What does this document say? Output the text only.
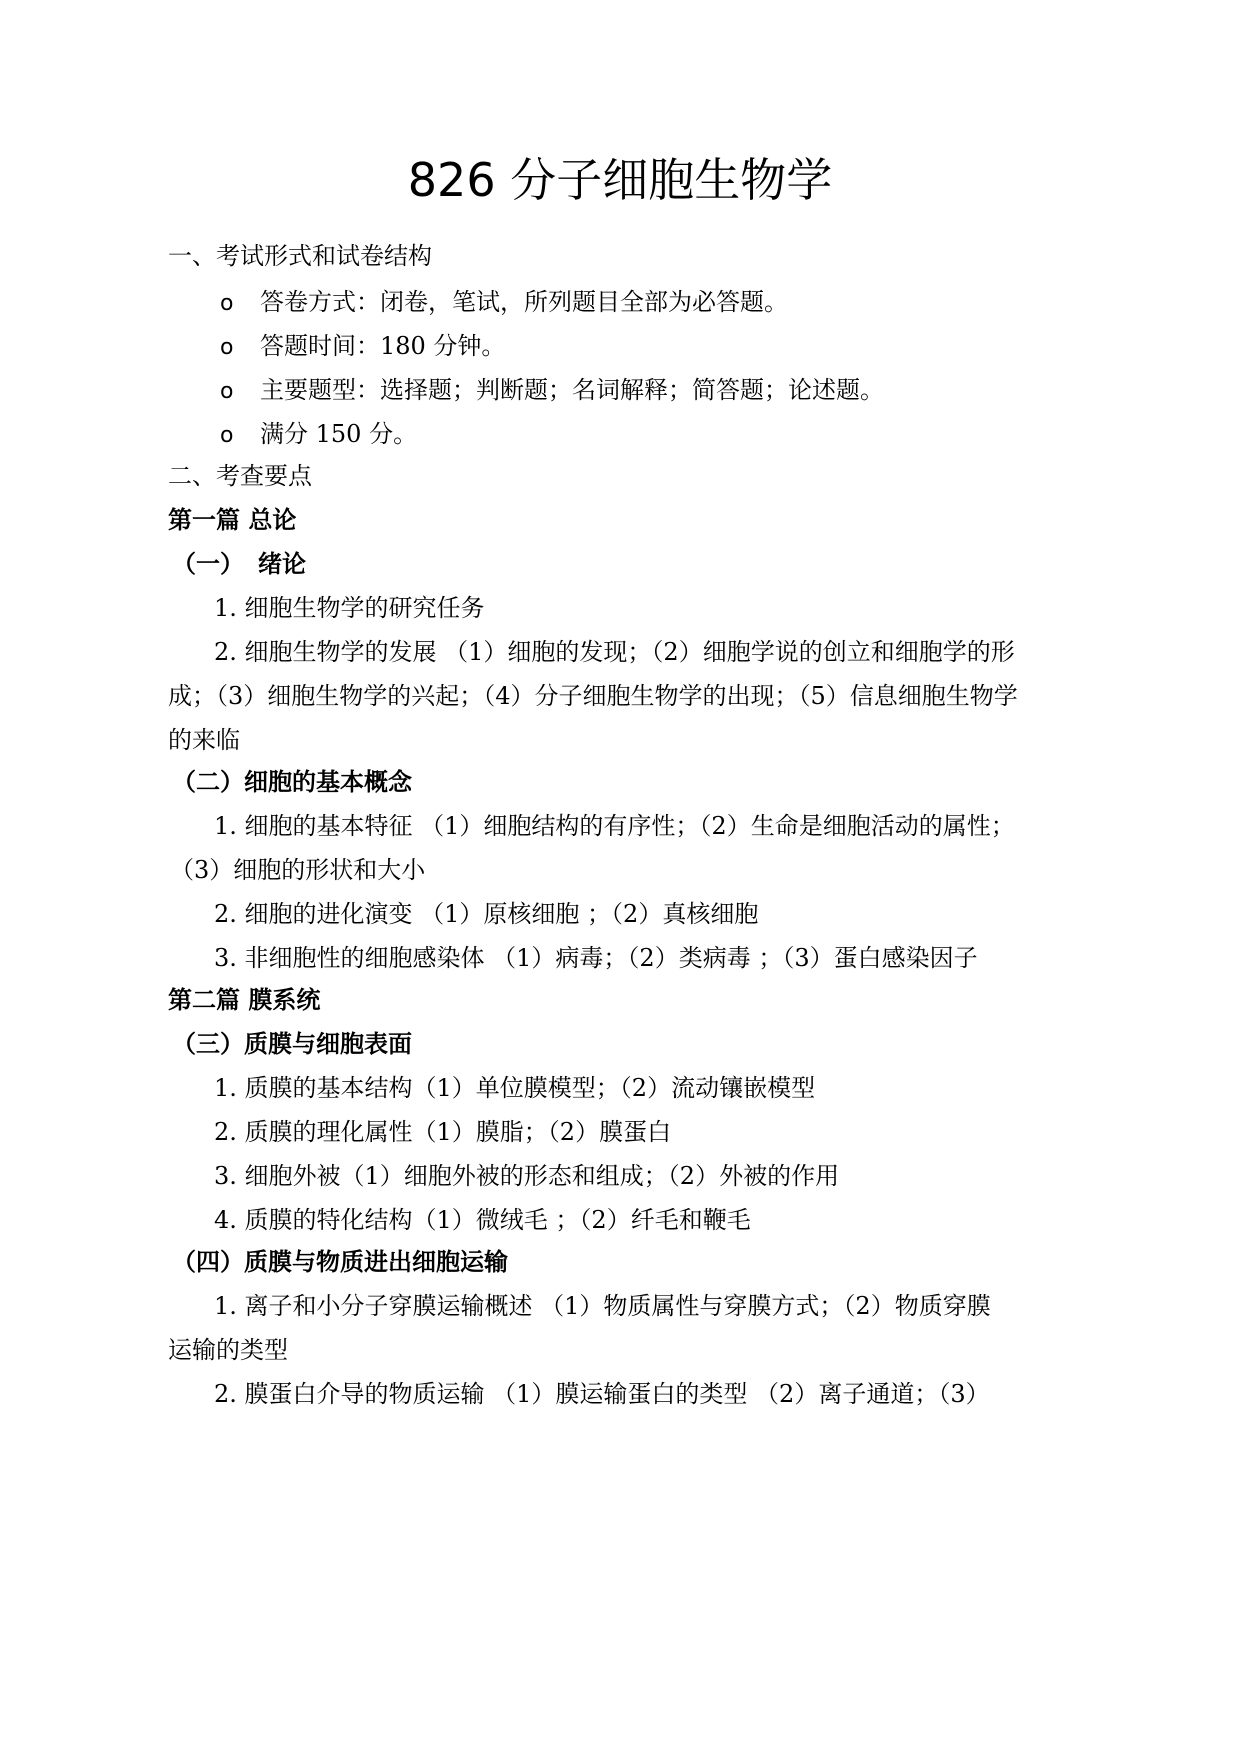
826 分子细胞生物学
一、考试形式和试卷结构
o 答卷方式：闭卷，笔试，所列题目全部为必答题。
o 答题时间：180 分钟。
o 主要题型：选择题；判断题；名词解释；简答题；论述题。
o 满分 150 分。
二、考查要点
第一篇 总论
（一） 绪论
1. 细胞生物学的研究任务
2. 细胞生物学的发展 （1）细胞的发现；（2）细胞学说的创立和细胞学的形
成；（3）细胞生物学的兴起；（4）分子细胞生物学的出现；（5）信息细胞生物学
的来临
（二）细胞的基本概念
1. 细胞的基本特征 （1）细胞结构的有序性；（2）生命是细胞活动的属性；
（3）细胞的形状和大小
2. 细胞的进化演变 （1）原核细胞 ；（2）真核细胞
3. 非细胞性的细胞感染体 （1）病毒；（2）类病毒 ；（3）蛋白感染因子
第二篇 膜系统
（三）质膜与细胞表面
1. 质膜的基本结构（1）单位膜模型；（2）流动镶嵌模型
2. 质膜的理化属性（1）膜脂；（2）膜蛋白
3. 细胞外被（1）细胞外被的形态和组成；（2）外被的作用
4. 质膜的特化结构（1）微绒毛 ；（2）纤毛和鞭毛
（四）质膜与物质进出细胞运输
1. 离子和小分子穿膜运输概述 （1）物质属性与穿膜方式；（2）物质穿膜
运输的类型
2. 膜蛋白介导的物质运输 （1）膜运输蛋白的类型 （2）离子通道；（3）
